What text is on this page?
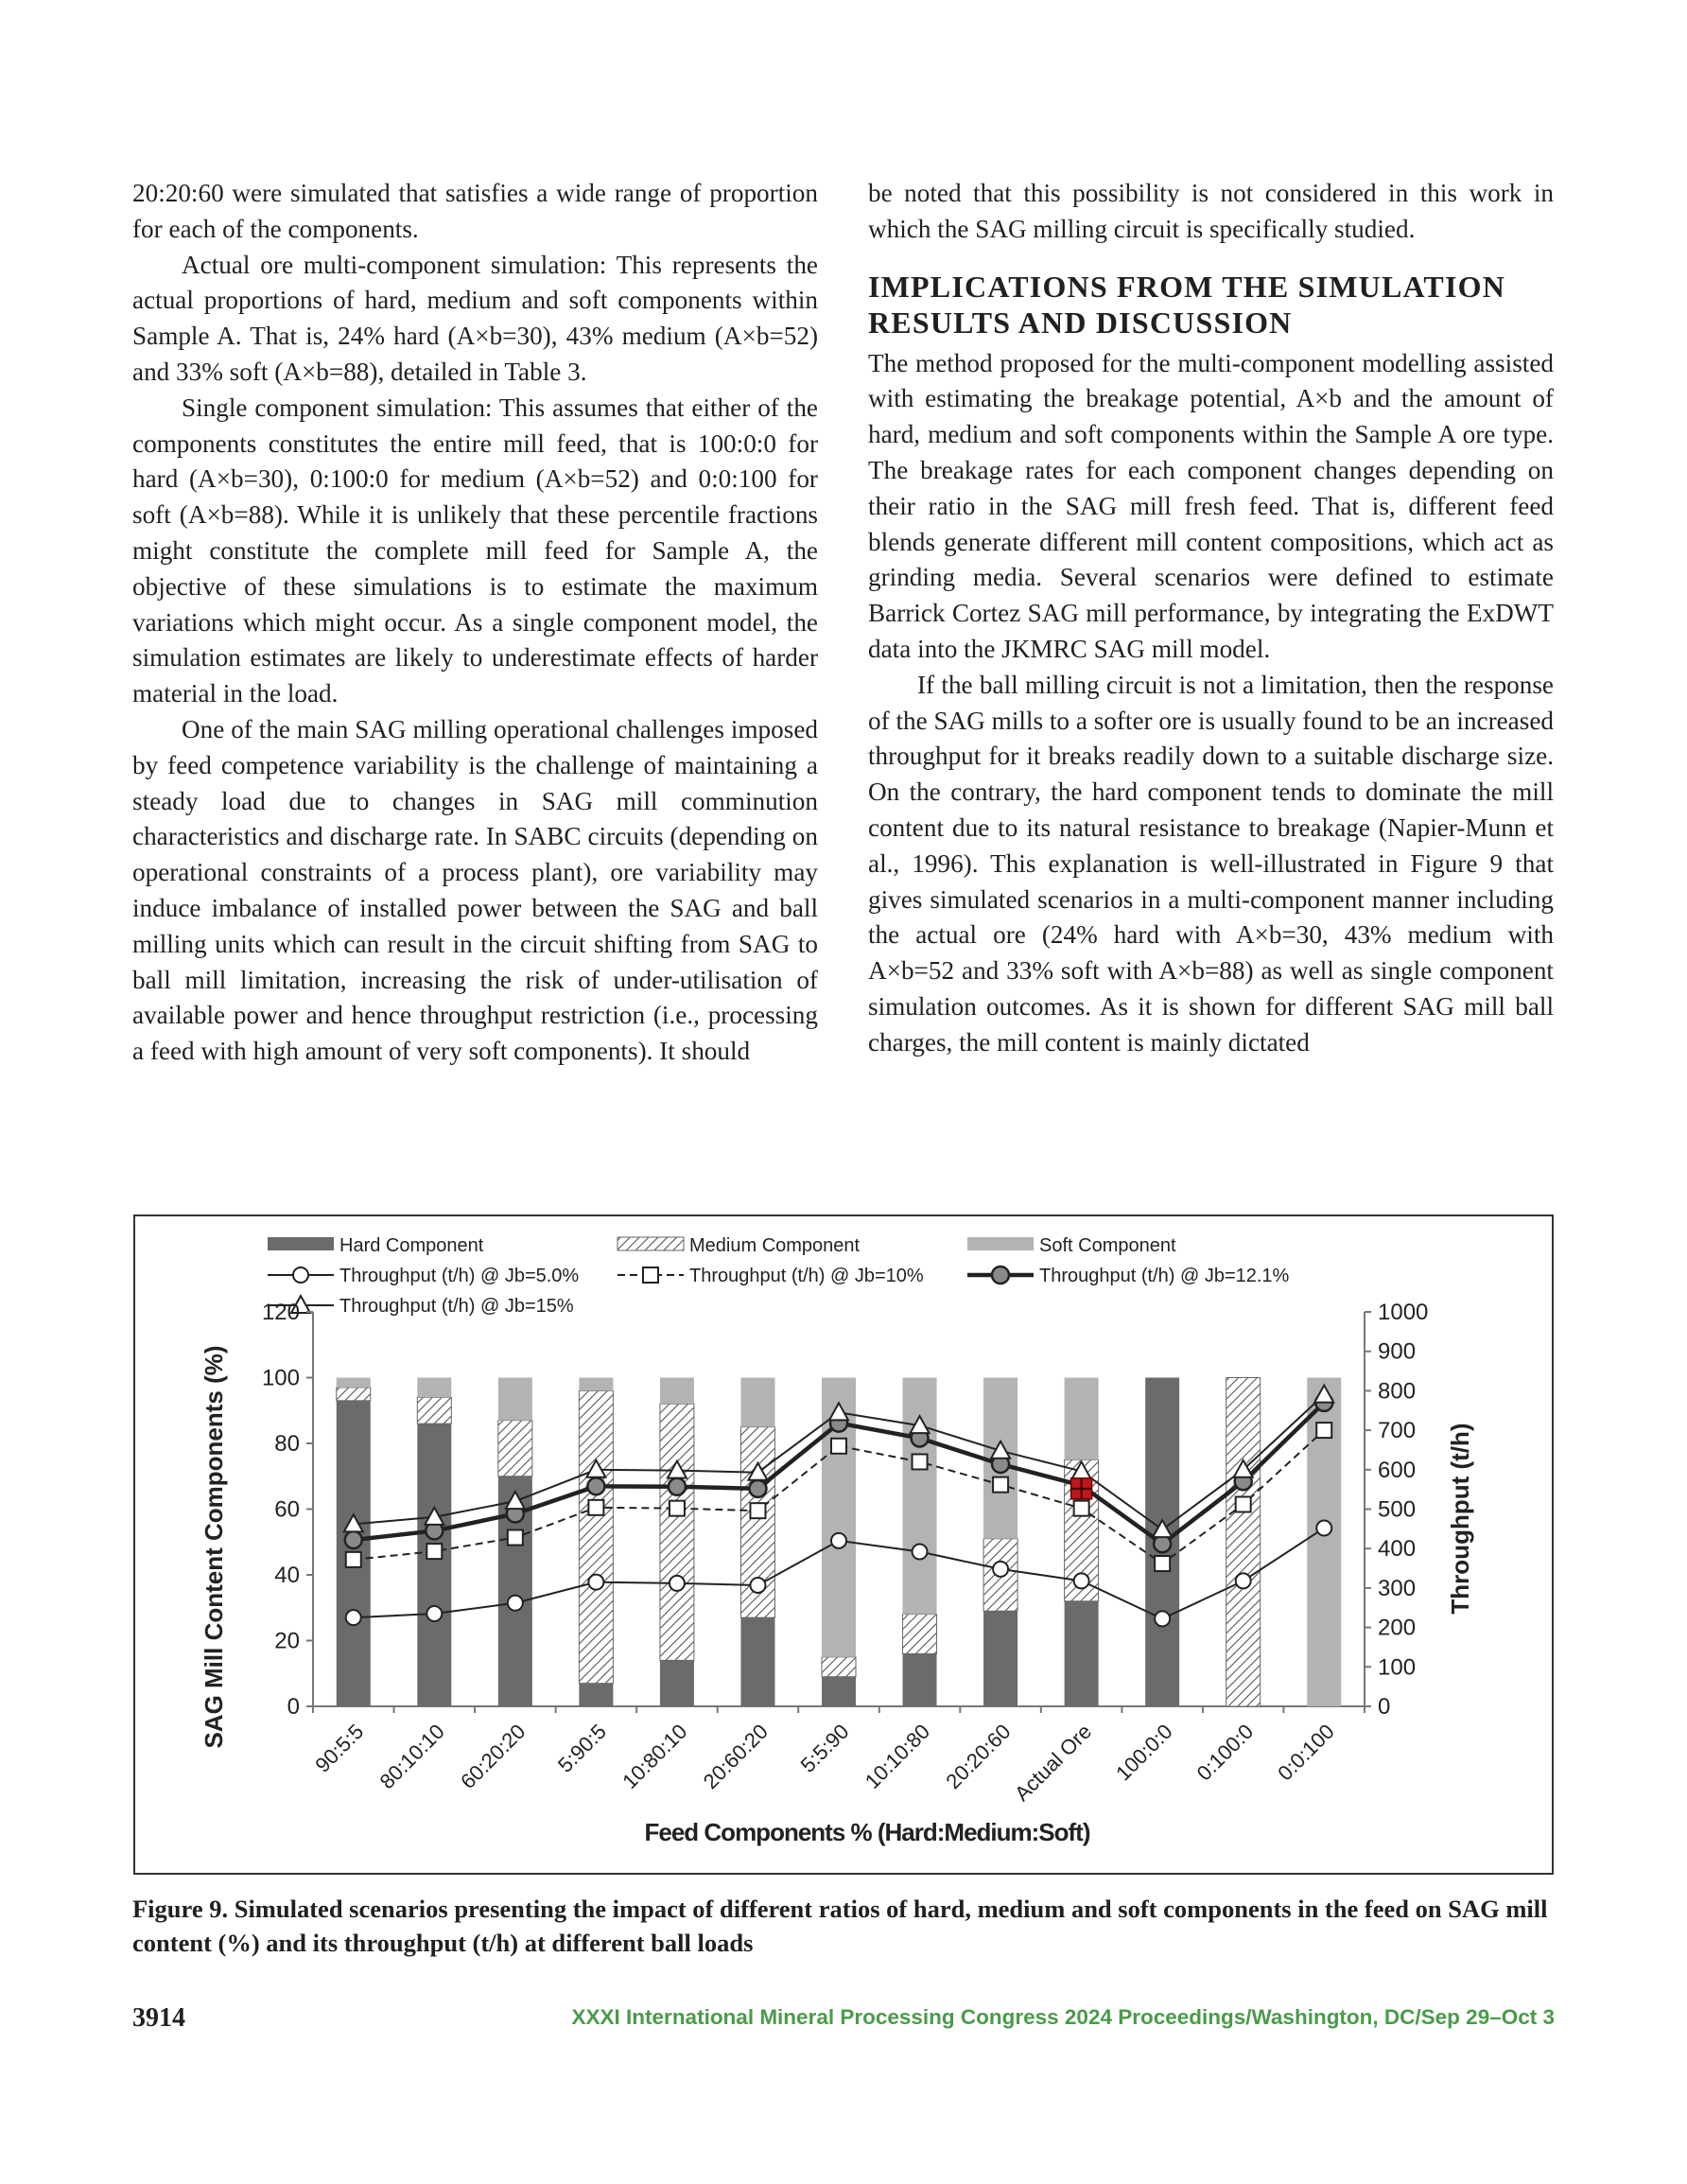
20:20:60 were simulated that satisfies a wide range of proportion for each of the components.

Actual ore multi-component simulation: This represents the actual proportions of hard, medium and soft components within Sample A. That is, 24% hard (A×b=30), 43% medium (A×b=52) and 33% soft (A×b=88), detailed in Table 3.

Single component simulation: This assumes that either of the components constitutes the entire mill feed, that is 100:0:0 for hard (A×b=30), 0:100:0 for medium (A×b=52) and 0:0:100 for soft (A×b=88). While it is unlikely that these percentile fractions might constitute the complete mill feed for Sample A, the objective of these simulations is to estimate the maximum variations which might occur. As a single component model, the simulation estimates are likely to underestimate effects of harder material in the load.

One of the main SAG milling operational challenges imposed by feed competence variability is the challenge of maintaining a steady load due to changes in SAG mill comminution characteristics and discharge rate. In SABC circuits (depending on operational constraints of a process plant), ore variability may induce imbalance of installed power between the SAG and ball milling units which can result in the circuit shifting from SAG to ball mill limitation, increasing the risk of under-utilisation of available power and hence throughput restriction (i.e., processing a feed with high amount of very soft components). It should

be noted that this possibility is not considered in this work in which the SAG milling circuit is specifically studied.

IMPLICATIONS FROM THE SIMULATION RESULTS AND DISCUSSION

The method proposed for the multi-component modelling assisted with estimating the breakage potential, A×b and the amount of hard, medium and soft components within the Sample A ore type. The breakage rates for each component changes depending on their ratio in the SAG mill fresh feed. That is, different feed blends generate different mill content compositions, which act as grinding media. Several scenarios were defined to estimate Barrick Cortez SAG mill performance, by integrating the ExDWT data into the JKMRC SAG mill model.

If the ball milling circuit is not a limitation, then the response of the SAG mills to a softer ore is usually found to be an increased throughput for it breaks readily down to a suitable discharge size. On the contrary, the hard component tends to dominate the mill content due to its natural resistance to breakage (Napier-Munn et al., 1996). This explanation is well-illustrated in Figure 9 that gives simulated scenarios in a multi-component manner including the actual ore (24% hard with A×b=30, 43% medium with A×b=52 and 33% soft with A×b=88) as well as single component simulation outcomes. As it is shown for different SAG mill ball charges, the mill content is mainly dictated

Hard Component	Medium Component	Soft Component
Throughput (t/h) @ Jb=5.0%	Throughput (t/h) @ Jb=10%	Throughput (t/h) @ Jb=12.1%
Throughput (t/h) @ Jb=15%
0
20
40
60
80
100
120
0
100
200
300
400
500
600
700
800
900
1000
90:5:5 80:10:10 60:20:20 5:90:5 10:80:10 20:60:20 5:5:90 10:10:80 20:20:60
Actual Ore 100:0:0 0:100:0 0:0:100
Feed Components % (Hard:Medium:Soft)
SAG Mill Content Components (%)	Throughput (t/h)
Figure 9. Simulated scenarios presenting the impact of different ratios of hard, medium and soft components in the feed on SAG mill content (%) and its throughput (t/h) at different ball loads
3914	XXXI International Mineral Processing Congress 2024 Proceedings/Washington, DC/Sep 29–Oct 3
